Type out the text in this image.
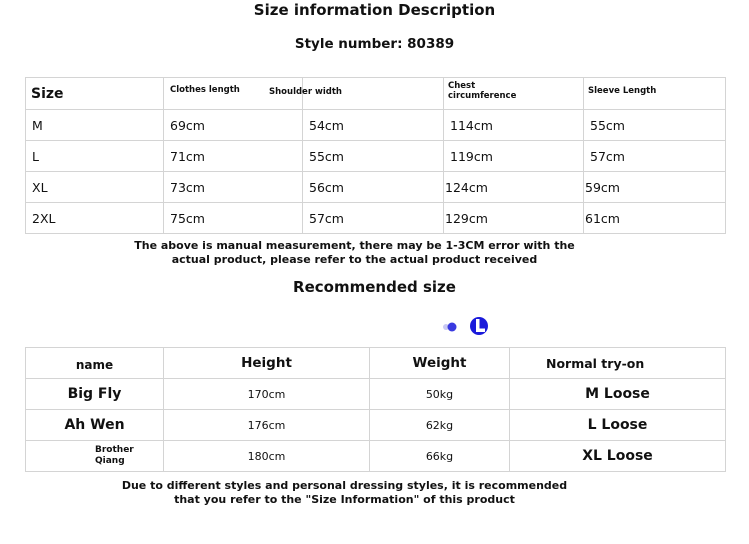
Size information Description
Style number: 80389
Size	Clothes length	Shoulder width	Chest
circumference	Sleeve Length
M	69cm	54cm	114cm	55cm
L	71cm	55cm	119cm	57cm
XL	73cm	56cm	124cm	59cm
2XL	75cm	57cm	129cm	61cm
The above is manual measurement, there may be 1-3CM error with the
actual product, please refer to the actual product received
Recommended size
name	Height	Weight	Normal try-on
Big Fly	170cm	50kg	M Loose
Ah Wen	176cm	62kg	L Loose
Brother
Qiang	180cm	66kg	XL Loose
Due to different styles and personal dressing styles, it is recommended
that you refer to the "Size Information" of this product
